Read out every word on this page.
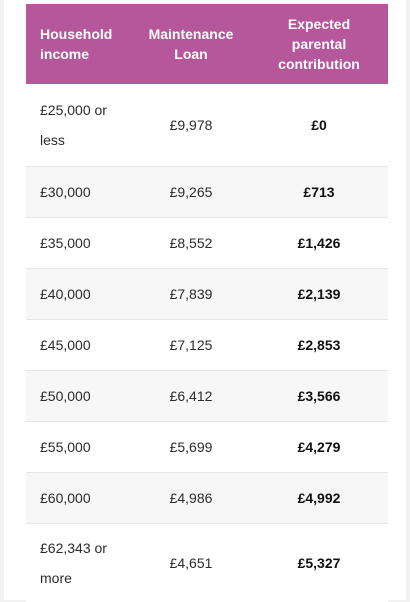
Household income	Maintenance Loan	Expected parental contribution
£25,000 or less	£9,978	£0
£30,000	£9,265	£713
£35,000	£8,552	£1,426
£40,000	£7,839	£2,139
£45,000	£7,125	£2,853
£50,000	£6,412	£3,566
£55,000	£5,699	£4,279
£60,000	£4,986	£4,992
£62,343 or more	£4,651	£5,327
